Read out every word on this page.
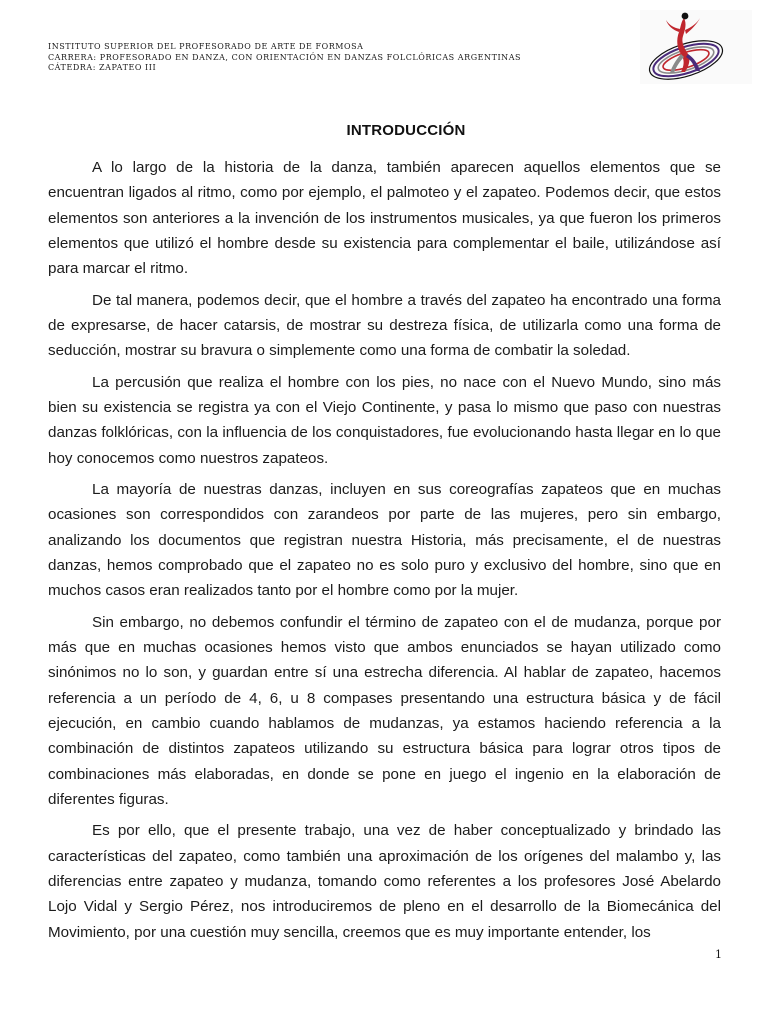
INSTITUTO SUPERIOR DEL PROFESORADO DE ARTE DE FORMOSA
CARRERA: PROFESORADO EN DANZA, CON ORIENTACIÓN EN DANZAS FOLCLÓRICAS ARGENTINAS
CÁTEDRA: ZAPATEO III
INTRODUCCIÓN

A lo largo de la historia de la danza, también aparecen aquellos elementos que se encuentran ligados al ritmo, como por ejemplo, el palmoteo y el zapateo. Podemos decir, que estos elementos son anteriores a la invención de los instrumentos musicales, ya que fueron los primeros elementos que utilizó el hombre desde su existencia para complementar el baile, utilizándose así para marcar el ritmo.

De tal manera, podemos decir, que el hombre a través del zapateo ha encontrado una forma de expresarse, de hacer catarsis, de mostrar su destreza física, de utilizarla como una forma de seducción, mostrar su bravura o simplemente como una forma de combatir la soledad.

La percusión que realiza el hombre con los pies, no nace con el Nuevo Mundo, sino más bien su existencia se registra ya con el Viejo Continente, y pasa lo mismo que paso con nuestras danzas folklóricas, con la influencia de los conquistadores, fue evolucionando hasta llegar en lo que hoy conocemos como nuestros zapateos.

La mayoría de nuestras danzas, incluyen en sus coreografías zapateos que en muchas ocasiones son correspondidos con zarandeos por parte de las mujeres, pero sin embargo, analizando los documentos que registran nuestra Historia, más precisamente, el de nuestras danzas, hemos comprobado que el zapateo no es solo puro y exclusivo del hombre, sino que en muchos casos eran realizados tanto por el hombre como por la mujer.

Sin embargo, no debemos confundir el término de zapateo con el de mudanza, porque por más que en muchas ocasiones hemos visto que ambos enunciados se hayan utilizado como sinónimos no lo son, y guardan entre sí una estrecha diferencia. Al hablar de zapateo, hacemos referencia a un período de 4, 6, u 8 compases presentando una estructura básica y de fácil ejecución, en cambio cuando hablamos de mudanzas, ya estamos haciendo referencia a la combinación de distintos zapateos utilizando su estructura básica para lograr otros tipos de combinaciones más elaboradas, en donde se pone en juego el ingenio en la elaboración de diferentes figuras.

Es por ello, que el presente trabajo, una vez de haber conceptualizado y brindado las características del zapateo, como también una aproximación de los orígenes del malambo y, las diferencias entre zapateo y mudanza, tomando como referentes a los profesores José Abelardo Lojo Vidal y Sergio Pérez, nos introduciremos de pleno en el desarrollo de la Biomecánica del Movimiento, por una cuestión muy sencilla, creemos que es muy importante entender, los

1
